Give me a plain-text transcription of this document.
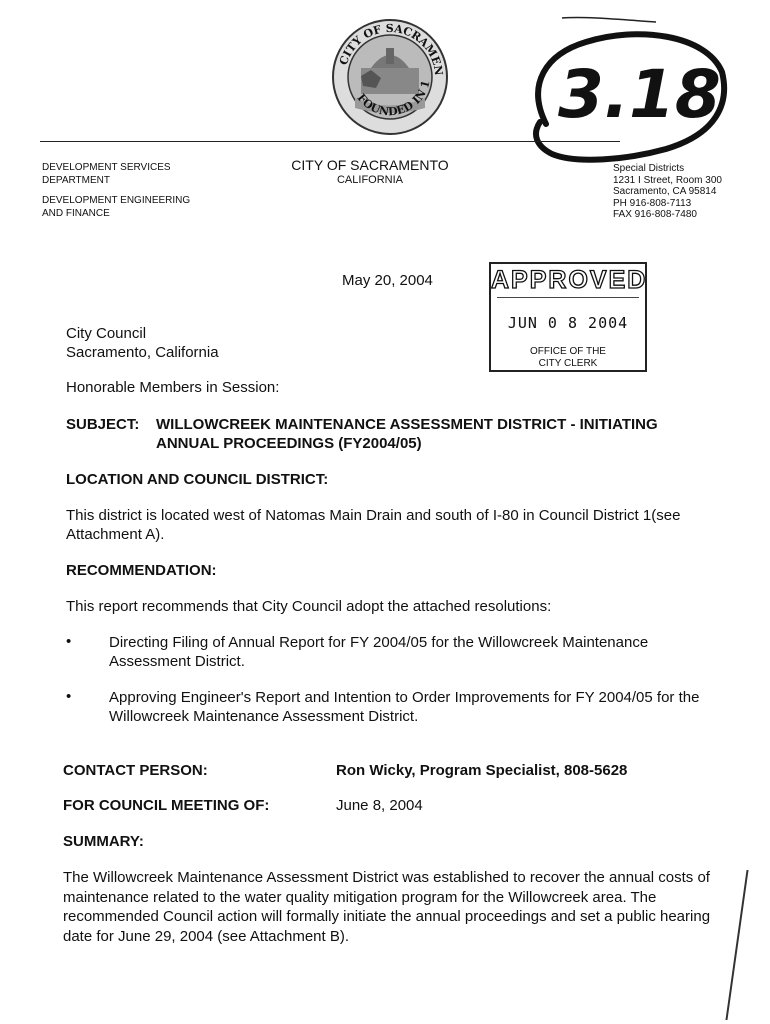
CITY OF SACRAMEN
FOUNDED IN 1 3.18
DEVELOPMENT SERVICES
DEPARTMENT
DEVELOPMENT ENGINEERING
AND FINANCE
CITY OF SACRAMENTO
CALIFORNIA
Special Districts
1231 I Street, Room 300
Sacramento, CA 95814
PH 916-808-7113
FAX 916-808-7480
May 20, 2004 APPROVED
JUN 0 8 2004
OFFICE OF THE
CITY CLERK
City Council
Sacramento, California
Honorable Members in Session:
SUBJECT: WILLOWCREEK MAINTENANCE ASSESSMENT DISTRICT - INITIATING
ANNUAL PROCEEDINGS (FY2004/05)
LOCATION AND COUNCIL DISTRICT:
This district is located west of Natomas Main Drain and south of I-80 in Council District 1(see
Attachment A).
RECOMMENDATION:
This report recommends that City Council adopt the attached resolutions:
•	Directing Filing of Annual Report for FY 2004/05 for the Willowcreek Maintenance
Assessment District.
•	Approving Engineer's Report and Intention to Order Improvements for FY 2004/05 for the
Willowcreek Maintenance Assessment District.
CONTACT PERSON:	Ron Wicky, Program Specialist, 808-5628
FOR COUNCIL MEETING OF:	June 8, 2004
SUMMARY:
The Willowcreek Maintenance Assessment District was established to recover the annual costs of
maintenance related to the water quality mitigation program for the Willowcreek area. The
recommended Council action will formally initiate the annual proceedings and set a public hearing
date for June 29, 2004 (see Attachment B).
